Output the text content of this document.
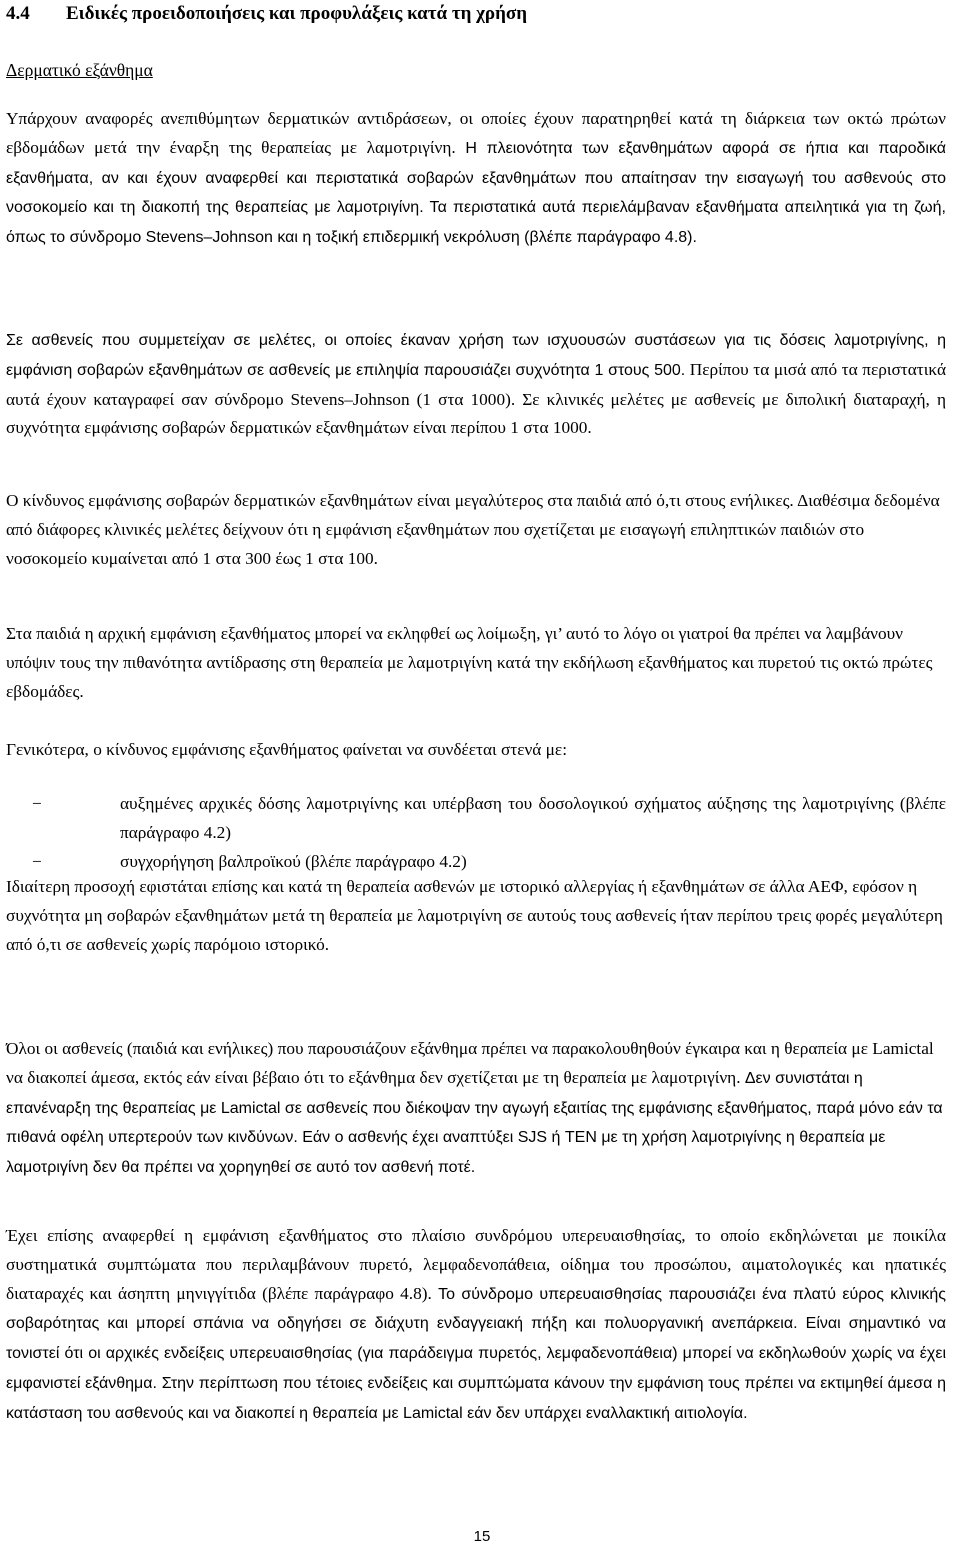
4.4 Ειδικές προειδοποιήσεις και προφυλάξεις κατά τη χρήση
Δερματικό εξάνθημα
Υπάρχουν αναφορές ανεπιθύμητων δερματικών αντιδράσεων, οι οποίες έχουν παρατηρηθεί κατά τη διάρκεια των οκτώ πρώτων εβδομάδων μετά την έναρξη της θεραπείας με λαμοτριγίνη. Η πλειονότητα των εξανθημάτων αφορά σε ήπια και παροδικά εξανθήματα, αν και έχουν αναφερθεί και περιστατικά σοβαρών εξανθημάτων που απαίτησαν την εισαγωγή του ασθενούς στο νοσοκομείο και τη διακοπή της θεραπείας με λαμοτριγίνη. Τα περιστατικά αυτά περιελάμβαναν εξανθήματα απειλητικά για τη ζωή, όπως το σύνδρομο Stevens–Johnson και η τοξική επιδερμική νεκρόλυση (βλέπε παράγραφο 4.8).
Σε ασθενείς που συμμετείχαν σε μελέτες, οι οποίες έκαναν χρήση των ισχυουσών συστάσεων για τις δόσεις λαμοτριγίνης, η εμφάνιση σοβαρών εξανθημάτων σε ασθενείς με επιληψία παρουσιάζει συχνότητα 1 στους 500. Περίπου τα μισά από τα περιστατικά αυτά έχουν καταγραφεί σαν σύνδρομο Stevens–Johnson (1 στα 1000). Σε κλινικές μελέτες με ασθενείς με διπολική διαταραχή, η συχνότητα εμφάνισης σοβαρών δερματικών εξανθημάτων είναι περίπου 1 στα 1000.
Ο κίνδυνος εμφάνισης σοβαρών δερματικών εξανθημάτων είναι μεγαλύτερος στα παιδιά από ό,τι στους ενήλικες. Διαθέσιμα δεδομένα από διάφορες κλινικές μελέτες δείχνουν ότι η εμφάνιση εξανθημάτων που σχετίζεται με εισαγωγή επιληπτικών παιδιών στο νοσοκομείο κυμαίνεται από 1 στα 300 έως 1 στα 100.
Στα παιδιά η αρχική εμφάνιση εξανθήματος μπορεί να εκληφθεί ως λοίμωξη, γι’ αυτό το λόγο οι γιατροί θα πρέπει να λαμβάνουν υπόψιν τους την πιθανότητα αντίδρασης στη θεραπεία με λαμοτριγίνη κατά την εκδήλωση εξανθήματος και πυρετού τις οκτώ πρώτες εβδομάδες.
Γενικότερα, ο κίνδυνος εμφάνισης εξανθήματος φαίνεται να συνδέεται στενά με:
−	αυξημένες αρχικές δόσης λαμοτριγίνης και υπέρβαση του δοσολογικού σχήματος αύξησης της λαμοτριγίνης (βλέπε παράγραφο 4.2)
−	συγχορήγηση βαλπροϊκού (βλέπε παράγραφο 4.2)
Ιδιαίτερη προσοχή εφιστάται επίσης και κατά τη θεραπεία ασθενών με ιστορικό αλλεργίας ή εξανθημάτων σε άλλα ΑΕΦ, εφόσον η συχνότητα μη σοβαρών εξανθημάτων μετά τη θεραπεία με λαμοτριγίνη σε αυτούς τους ασθενείς ήταν περίπου τρεις φορές μεγαλύτερη από ό,τι σε ασθενείς χωρίς παρόμοιο ιστορικό.
Όλοι οι ασθενείς (παιδιά και ενήλικες) που παρουσιάζουν εξάνθημα πρέπει να παρακολουθηθούν έγκαιρα και η θεραπεία με Lamictal να διακοπεί άμεσα, εκτός εάν είναι βέβαιο ότι το εξάνθημα δεν σχετίζεται με τη θεραπεία με λαμοτριγίνη. Δεν συνιστάται η επανέναρξη της θεραπείας με Lamictal σε ασθενείς που διέκοψαν την αγωγή εξαιτίας της εμφάνισης εξανθήματος, παρά μόνο εάν τα πιθανά οφέλη υπερτερούν των κινδύνων. Εάν ο ασθενής έχει αναπτύξει SJS ή TEN με τη χρήση λαμοτριγίνης η θεραπεία με λαμοτριγίνη δεν θα πρέπει να χορηγηθεί σε αυτό τον ασθενή ποτέ.
Έχει επίσης αναφερθεί η εμφάνιση εξανθήματος στο πλαίσιο συνδρόμου υπερευαισθησίας, το οποίο εκδηλώνεται με ποικίλα συστηματικά συμπτώματα που περιλαμβάνουν πυρετό, λεμφαδενοπάθεια, οίδημα του προσώπου, αιματολογικές και ηπατικές διαταραχές και άσηπτη μηνιγγίτιδα (βλέπε παράγραφο 4.8). Το σύνδρομο υπερευαισθησίας παρουσιάζει ένα πλατύ εύρος κλινικής σοβαρότητας και μπορεί σπάνια να οδηγήσει σε διάχυτη ενδαγγειακή πήξη και πολυοργανική ανεπάρκεια. Είναι σημαντικό να τονιστεί ότι οι αρχικές ενδείξεις υπερευαισθησίας (για παράδειγμα πυρετός, λεμφαδενοπάθεια) μπορεί να εκδηλωθούν χωρίς να έχει εμφανιστεί εξάνθημα. Στην περίπτωση που τέτοιες ενδείξεις και συμπτώματα κάνουν την εμφάνιση τους πρέπει να εκτιμηθεί άμεσα η κατάσταση του ασθενούς και να διακοπεί η θεραπεία με Lamictal εάν δεν υπάρχει εναλλακτική αιτιολογία.
15
